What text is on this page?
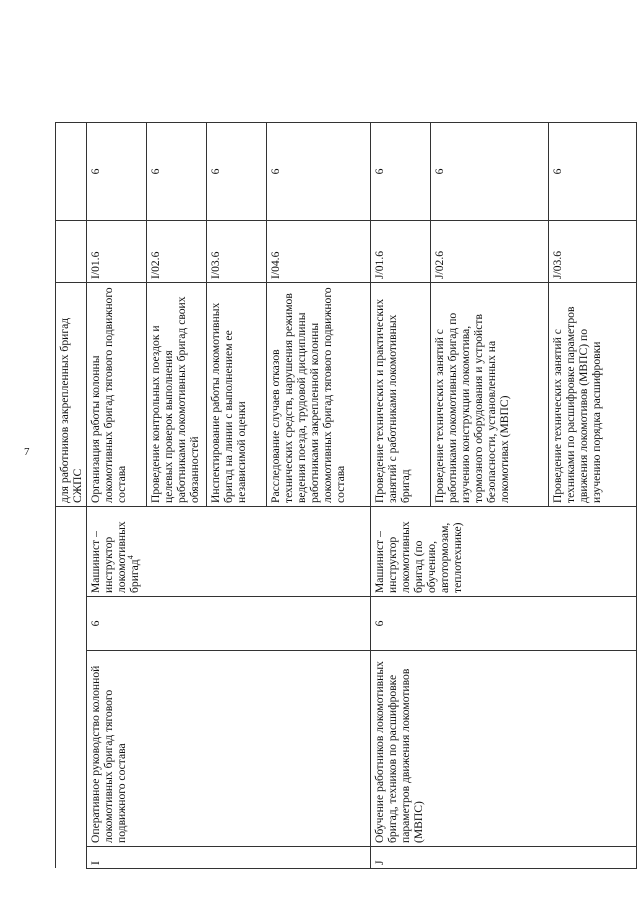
7
				для работников закрепленных бригад СЖПС		
I	Оперативное руководство колонной локомотивных бригад тягового подвижного состава	6	Машинист – инструктор локомотивных бригад$^4$	Организация работы колонны локомотивных бригад тягового подвижного состава	I/01.6	6
				Проведение контрольных поездок и целевых проверок выполнения работниками локомотивных бригад своих обязанностей	I/02.6	6
				Инспектирование работы локомотивных бригад на линии с выполнением ее независимой оценки	I/03.6	6
				Расследование случаев отказов технических средств, нарушения режимов ведения поезда, трудовой дисциплины работниками закрепленной колонны локомотивных бригад тягового подвижного состава	I/04.6	6
J	Обучение работников локомотивных бригад, техников по расшифровке параметров движения локомотивов (МВПС)	6	Машинист – инструктор локомотивных бригад (по обучению, автотормозам, теплотехнике)	Проведение технических и практических занятий с работниками локомотивных бригад	J/01.6	6
				Проведение технических занятий с работниками локомотивных бригад по изучению конструкции локомотива, тормозного оборудования и устройств безопасности, установленных на локомотивах (МВПС)	J/02.6	6
				Проведение технических занятий с техниками по расшифровке параметров движения локомотивов (МВПС) по изучению порядка расшифровки	J/03.6	6
